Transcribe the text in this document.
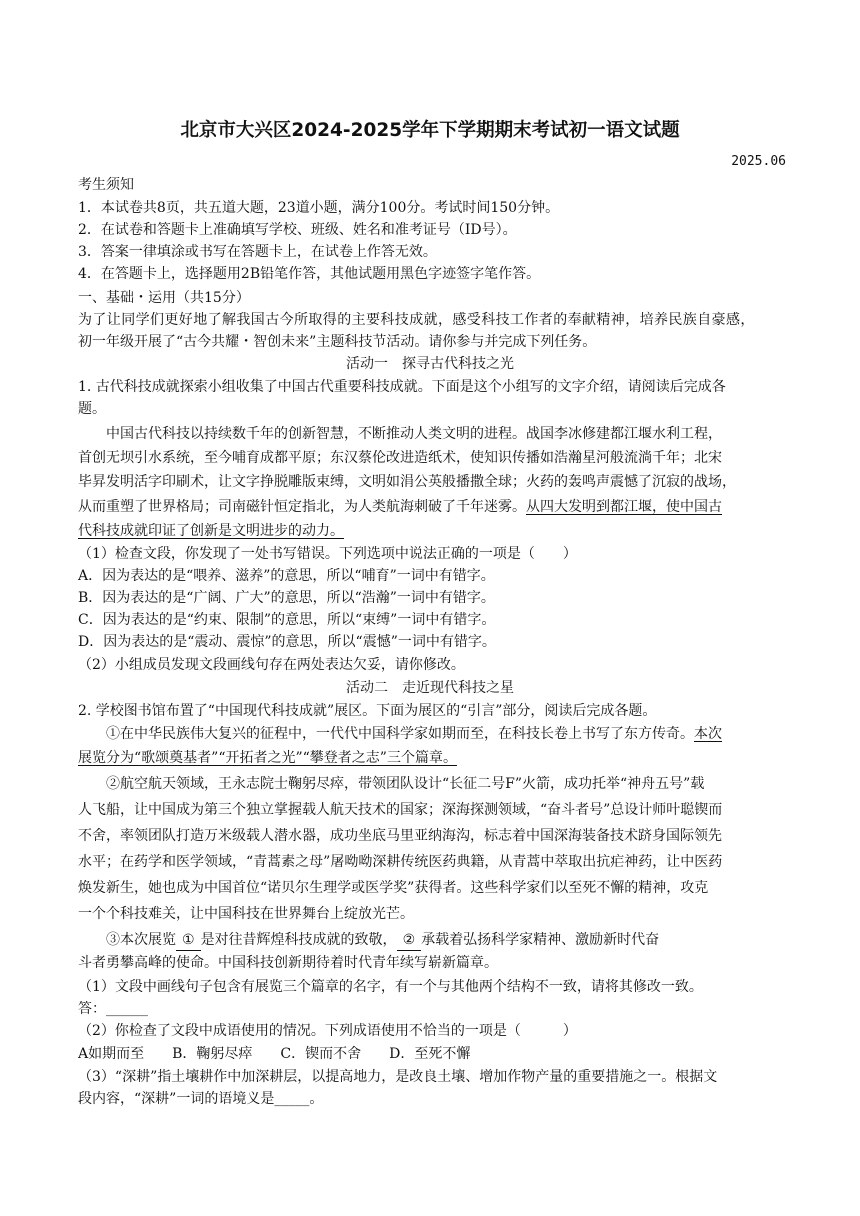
北京市大兴区2024-2025学年下学期期末考试初一语文试题
2025.06
考生须知
1．本试卷共8页，共五道大题，23道小题，满分100分。考试时间150分钟。
2．在试卷和答题卡上准确填写学校、班级、姓名和准考证号（ID号）。
3．答案一律填涂或书写在答题卡上，在试卷上作答无效。
4．在答题卡上，选择题用2B铅笔作答，其他试题用黑色字迹签字笔作答。
一、基础・运用（共15分）
为了让同学们更好地了解我国古今所取得的主要科技成就，感受科技工作者的奉献精神，培养民族自豪感，
初一年级开展了“古今共耀・智创未来”主题科技节活动。请你参与并完成下列任务。
活动一　探寻古代科技之光
1. 古代科技成就探索小组收集了中国古代重要科技成就。下面是这个小组写的文字介绍，请阅读后完成各
题。
中国古代科技以持续数千年的创新智慧，不断推动人类文明的进程。战国李冰修建都江堰水利工程，
首创无坝引水系统，至今哺育成都平原；东汉蔡伦改进造纸术，使知识传播如浩瀚星河般流淌千年；北宋
毕昇发明活字印刷术，让文字挣脱雕版束缚，文明如涓公英般播撒全球；火药的轰鸣声震憾了沉寂的战场，
从而重塑了世界格局；司南磁针恒定指北，为人类航海刺破了千年迷雾。从四大发明到都江堰，使中国古
代科技成就印证了创新是文明进步的动力。
（1）检查文段，你发现了一处书写错误。下列选项中说法正确的一项是（　　）
A．因为表达的是“喂养、滋养”的意思，所以“哺育”一词中有错字。
B．因为表达的是“广阔、广大”的意思，所以“浩瀚”一词中有错字。
C．因为表达的是“约束、限制”的意思，所以“束缚”一词中有错字。
D．因为表达的是“震动、震惊”的意思，所以“震憾”一词中有错字。
（2）小组成员发现文段画线句存在两处表达欠妥，请你修改。
活动二　走近现代科技之星
2. 学校图书馆布置了“中国现代科技成就”展区。下面为展区的“引言”部分，阅读后完成各题。
①在中华民族伟大复兴的征程中，一代代中国科学家如期而至，在科技长卷上书写了东方传奇。本次
展览分为“歌颂奠基者”“开拓者之光”“攀登者之志”三个篇章。
②航空航天领域，王永志院士鞠躬尽瘁，带领团队设计“长征二号F”火箭，成功托举“神舟五号”载
人飞船，让中国成为第三个独立掌握载人航天技术的国家；深海探测领域，“奋斗者号”总设计师叶聪锲而
不舍，率领团队打造万米级载人潜水器，成功坐底马里亚纳海沟，标志着中国深海装备技术跻身国际领先
水平；在药学和医学领域，“青蒿素之母”屠呦呦深耕传统医药典籍，从青蒿中萃取出抗疟神药，让中医药
焕发新生，她也成为中国首位“诺贝尔生理学或医学奖”获得者。这些科学家们以至死不懈的精神，攻克
一个个科技难关，让中国科技在世界舞台上绽放光芒。
③本次展览 ① 是对往昔辉煌科技成就的致敬， ② 承载着弘扬科学家精神、激励新时代奋
斗者勇攀高峰的使命。中国科技创新期待着时代青年续写崭新篇章。
（1）文段中画线句子包含有展览三个篇章的名字，有一个与其他两个结构不一致，请将其修改一致。
答：______
（2）你检查了文段中成语使用的情况。下列成语使用不恰当的一项是（　　　）
A如期而至　　B．鞠躬尽瘁　　C．锲而不舍　　D．至死不懈
（3）“深耕”指土壤耕作中加深耕层，以提高地力，是改良土壤、增加作物产量的重要措施之一。根据文
段内容，“深耕”一词的语境义是_____。
